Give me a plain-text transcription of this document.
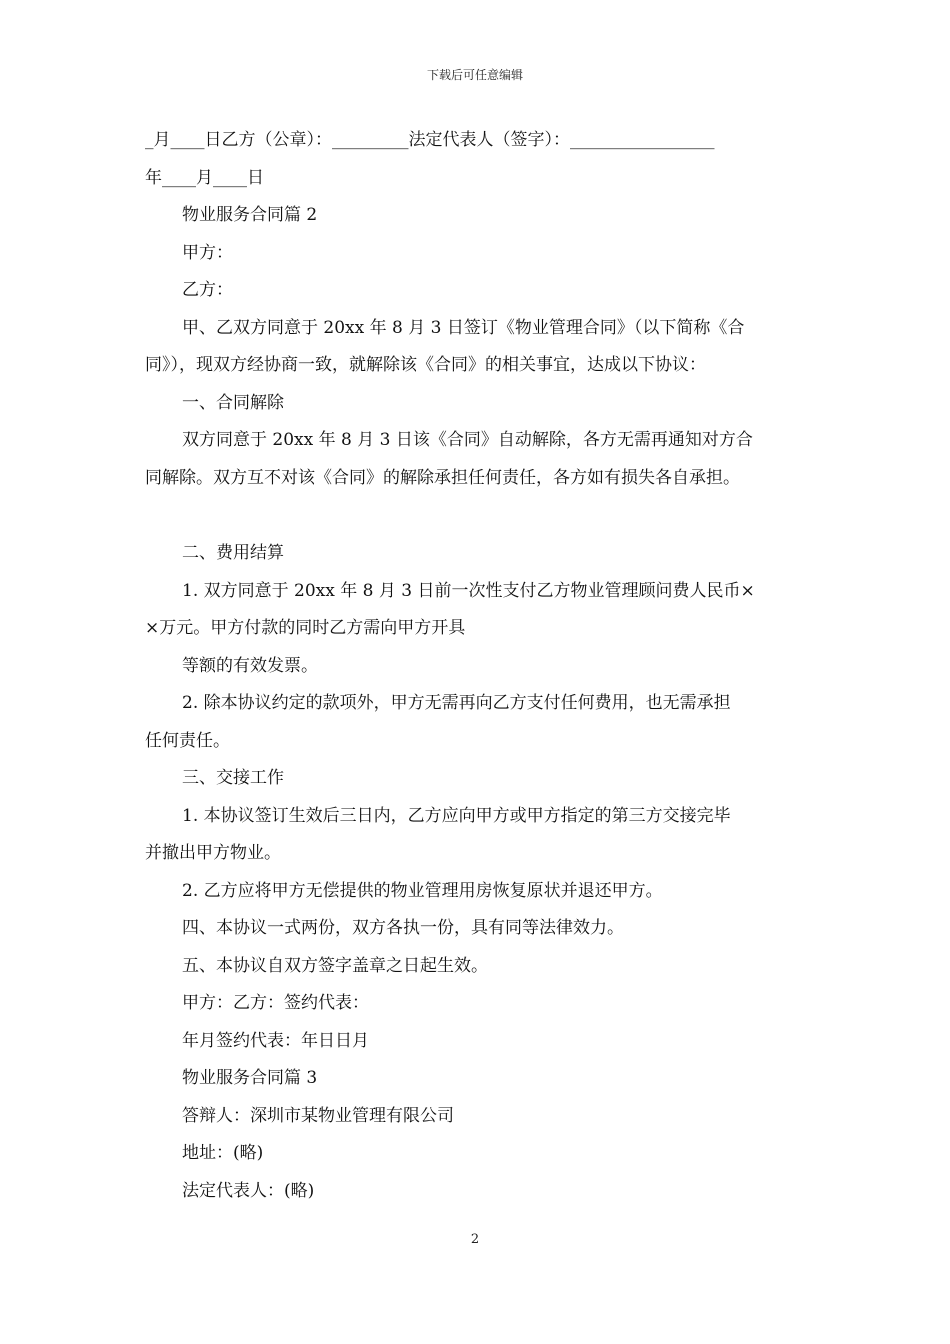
下载后可任意编辑
_月____日乙方（公章）：_________法定代表人（签字）：_________________
年____月____日
物业服务合同篇 2
甲方：
乙方：
甲、乙双方同意于 20xx 年 8 月 3 日签订《物业管理合同》（以下简称《合
同》），现双方经协商一致，就解除该《合同》的相关事宜，达成以下协议：
一、合同解除
双方同意于 20xx 年 8 月 3 日该《合同》自动解除，各方无需再通知对方合
同解除。双方互不对该《合同》的解除承担任何责任，各方如有损失各自承担。
二、费用结算
1. 双方同意于 20xx 年 8 月 3 日前一次性支付乙方物业管理顾问费人民币×
×万元。甲方付款的同时乙方需向甲方开具
等额的有效发票。
2. 除本协议约定的款项外，甲方无需再向乙方支付任何费用，也无需承担
任何责任。
三、交接工作
1. 本协议签订生效后三日内，乙方应向甲方或甲方指定的第三方交接完毕
并撤出甲方物业。
2. 乙方应将甲方无偿提供的物业管理用房恢复原状并退还甲方。
四、本协议一式两份，双方各执一份，具有同等法律效力。
五、本协议自双方签字盖章之日起生效。
甲方：乙方：签约代表：
年月签约代表：年日日月
物业服务合同篇 3
答辩人：深圳市某物业管理有限公司
地址：(略)
法定代表人：(略)
2
